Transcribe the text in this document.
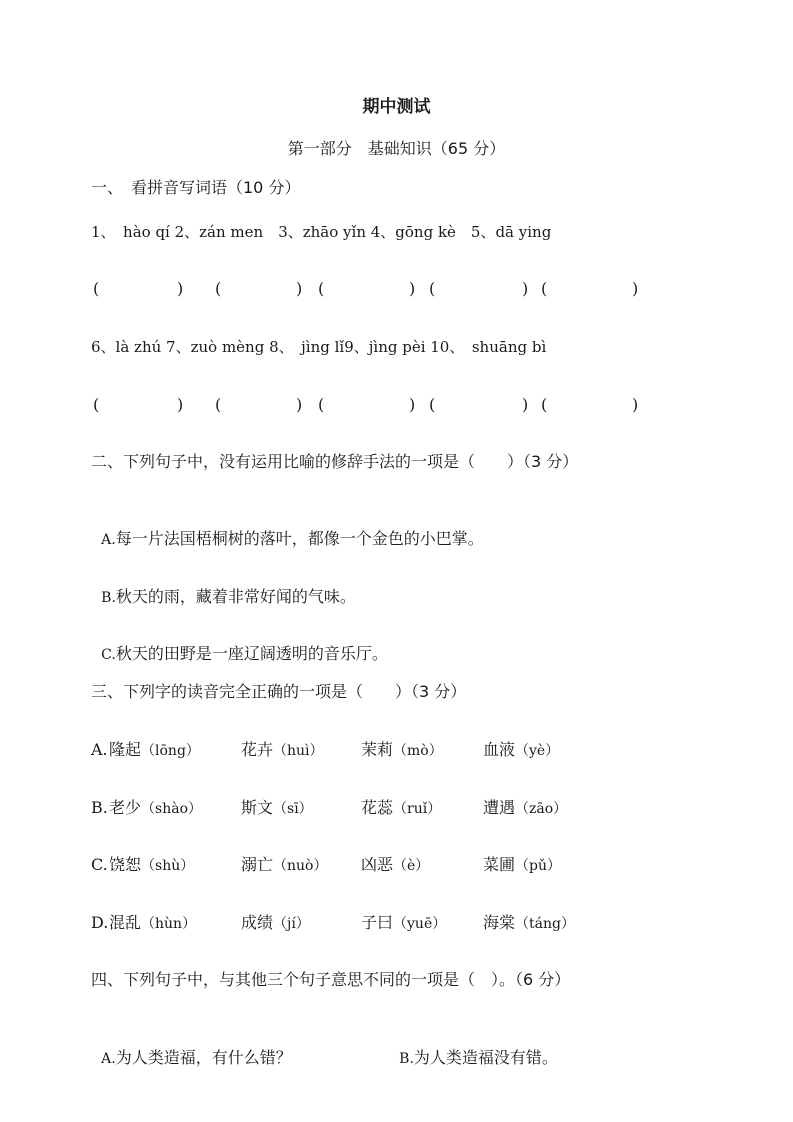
期中测试
第一部分　基础知识（65 分）
一、　看拼音写词语（10 分）
1、　hào qí 2、zán men　3、zhāo yǐn 4、gōng kè　5、dā ying
(	) (	) (	) (	) (	)
6、là zhú 7、zuò mèng 8、　jìng lǐ9、jìng pèi 10、　shuāng bì
(	) (	) (	) (	) (	)
二、下列句子中，没有运用比喻的修辞手法的一项是（　　）（3 分）

A.每一片法国梧桐树的落叶，都像一个金色的小巴掌。

B.秋天的雨，藏着非常好闻的气味。

C.秋天的田野是一座辽阔透明的音乐厅。

三、下列字的读音完全正确的一项是（　　）（3 分）
A. 隆起（lōng）	花卉（huì） 茉莉（mò）	血液（yè）
B. 老少（shào） 斯文（sī）	花蕊（ruǐ）	遭遇（zāo）
C. 饶恕（shù）	溺亡（nuò） 凶恶（è）	菜圃（pǔ）
D. 混乱（hùn）	成绩（jí）	子曰（yuē） 海棠（táng）
四、下列句子中，与其他三个句子意思不同的一项是（　）。（6 分）

A.为人类造福，有什么错？	B.为人类造福没有错。
